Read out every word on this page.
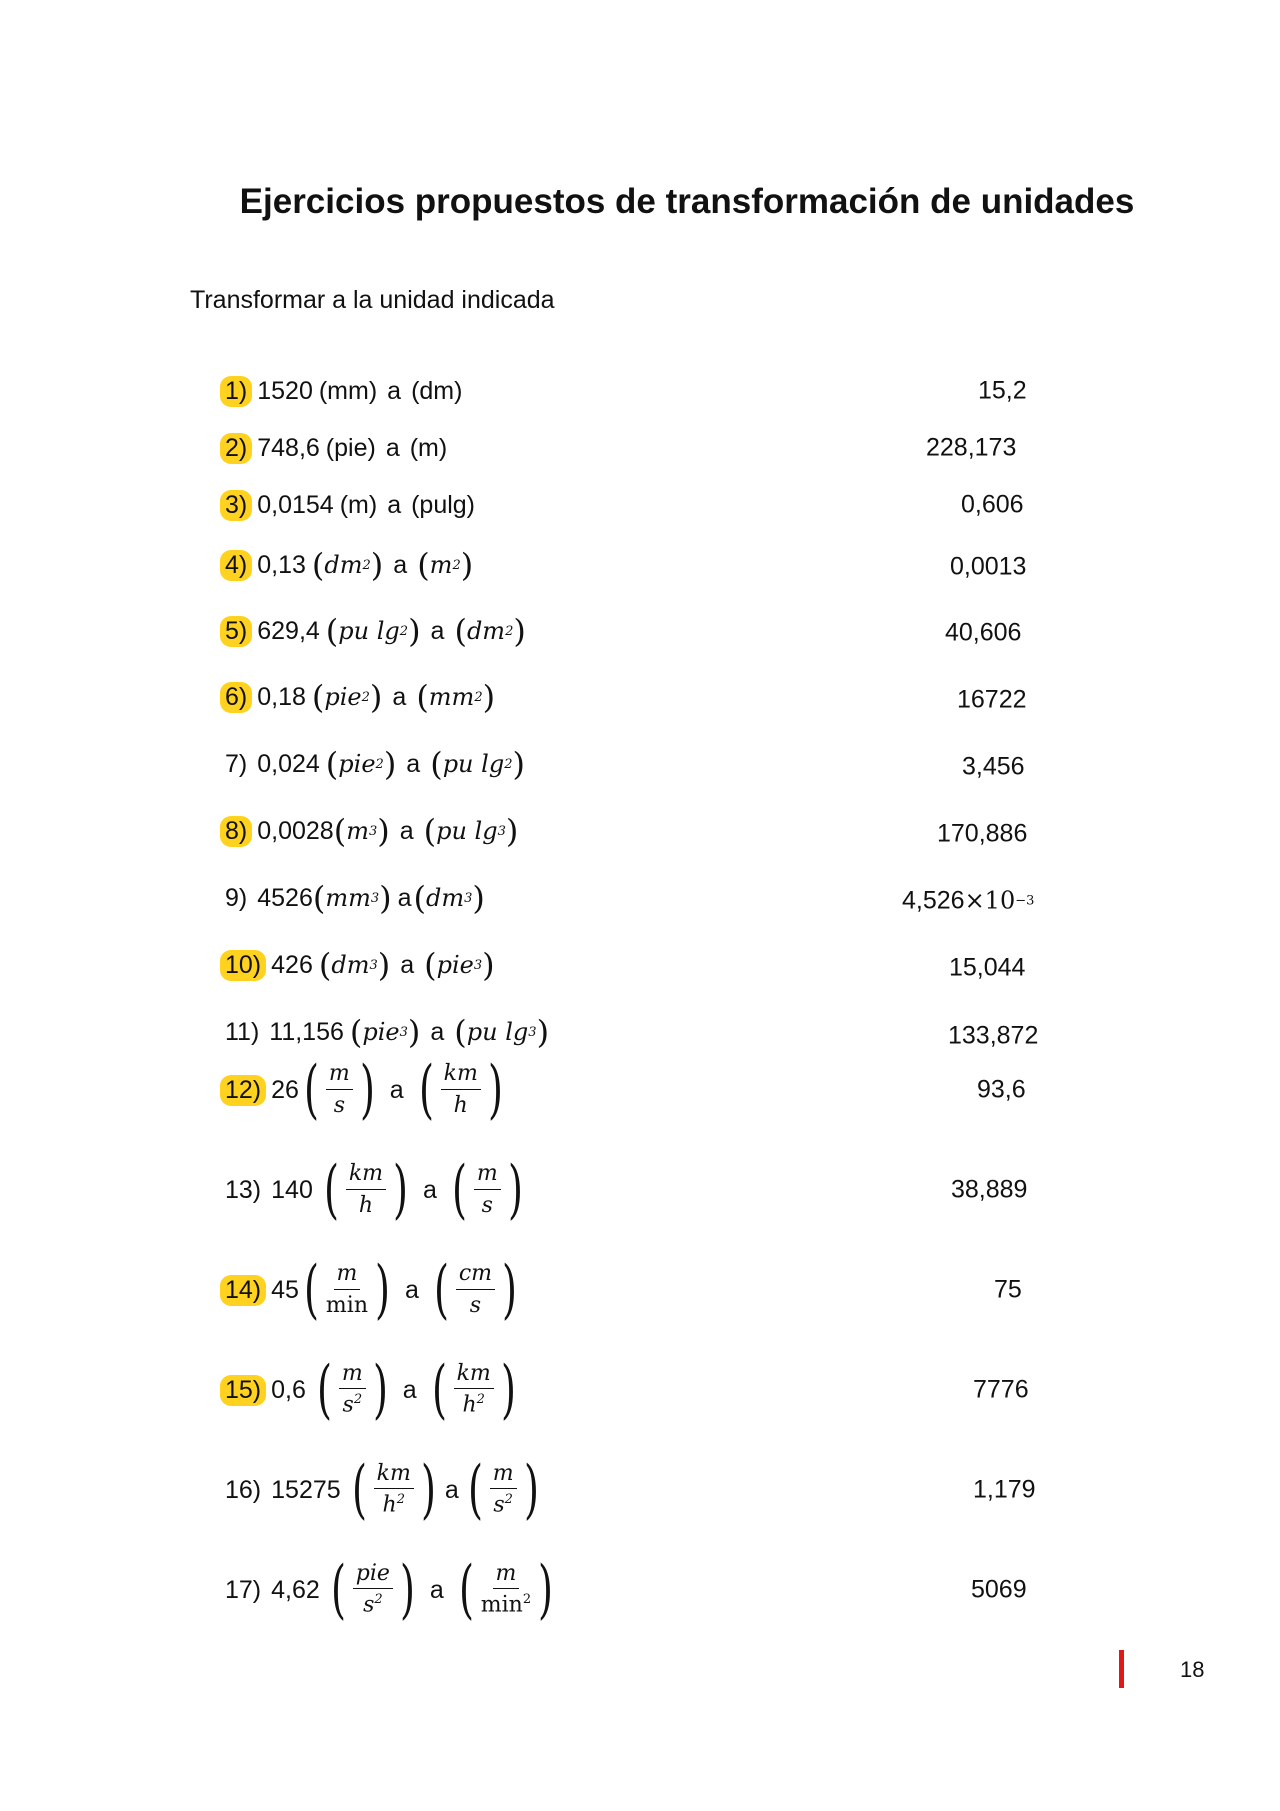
Ejercicios propuestos de transformación de unidades
Transformar a la unidad indicada
1) 1520 (mm) a (dm)	15,2
2) 748,6 (pie) a (m)	228,173
3) 0,0154 (m) a (pulg)	0,606
4) 0,13 ( dm 2 ) a ( m 2 )	0,0013
5) 629,4 ( pu lg 2 ) a ( dm 2 )	40,606
6) 0,18 ( pie 2 ) a ( mm 2 )	16722
7) 0,024 ( pie 2 ) a ( pu lg 2 )	3,456
8) 0,0028 ( m 3 ) a ( pu lg 3 )	170,886
9) 4526 ( mm 3 ) a ( dm 3 )	4,526 ×10 −3
10) 426 ( dm 3 ) a ( pie 3 )	15,044
11) 11,156 ( pie 3 ) a ( pu lg 3 )	133,872
12) 26 ( $\frac{m}{s}$ ) a ( $\frac{km}{h}$ )	93,6
13) 140 ( $\frac{km}{h}$ ) a ( $\frac{m}{s}$ )	38,889
14) 45 ( $\frac{m}{\min}$ ) a ( $\frac{cm}{s}$ )	75
15) 0,6 ( $\frac{m}{s^2}$ ) a ( $\frac{km}{h^2}$ )	7776
16) 15275 ( $\frac{km}{h^2}$ ) a ( $\frac{m}{s^2}$ )	1,179
17) 4,62 ( $\frac{\text{pie}}{s^2}$ ) a ( $\frac{m}{\min^2}$ )	5069
18
